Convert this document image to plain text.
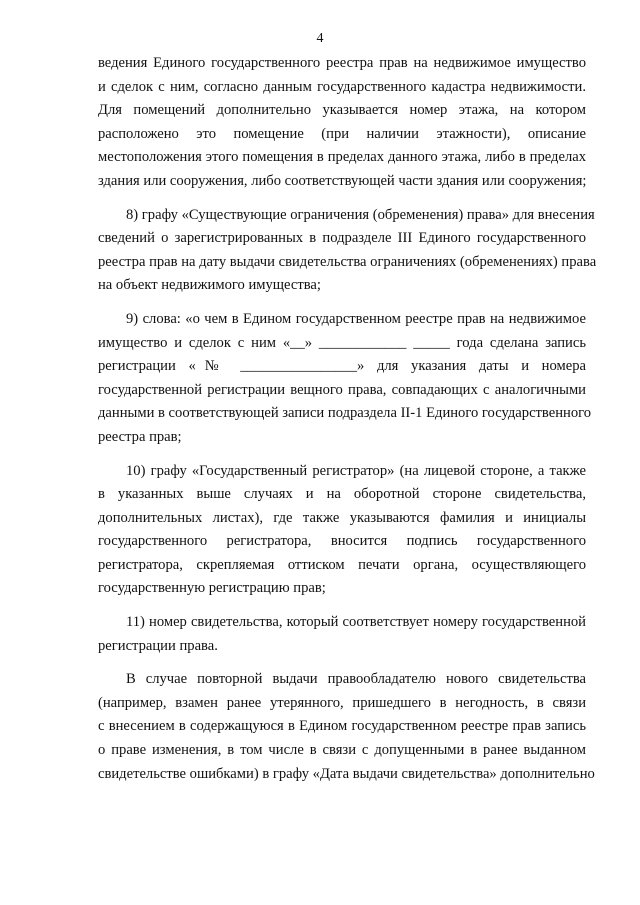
4
ведения Единого государственного реестра прав на недвижимое имущество
и сделок с ним, согласно данным государственного кадастра недвижимости.
Для помещений дополнительно указывается номер этажа, на котором
расположено это помещение (при наличии этажности), описание
местоположения этого помещения в пределах данного этажа, либо в пределах
здания или сооружения, либо соответствующей части здания или сооружения;
8) графу «Существующие ограничения (обременения) права» для внесения
сведений о зарегистрированных в подразделе III Единого государственного
реестра прав на дату выдачи свидетельства ограничениях (обременениях) права
на объект недвижимого имущества;
9) слова: «о чем в Едином государственном реестре прав на недвижимое
имущество и сделок с ним «__» ____________ _____ года сделана запись
регистрации «№ ________________» для указания даты и номера
государственной регистрации вещного права, совпадающих с аналогичными
данными в соответствующей записи подраздела II-1 Единого государственного
реестра прав;
10) графу «Государственный регистратор» (на лицевой стороне, а также
в указанных выше случаях и на оборотной стороне свидетельства,
дополнительных листах), где также указываются фамилия и инициалы
государственного регистратора, вносится подпись государственного
регистратора, скрепляемая оттиском печати органа, осуществляющего
государственную регистрацию прав;
11) номер свидетельства, который соответствует номеру государственной
регистрации права.
В случае повторной выдачи правообладателю нового свидетельства
(например, взамен ранее утерянного, пришедшего в негодность, в связи
с внесением в содержащуюся в Едином государственном реестре прав запись
о праве изменения, в том числе в связи с допущенными в ранее выданном
свидетельстве ошибками) в графу «Дата выдачи свидетельства» дополнительно
